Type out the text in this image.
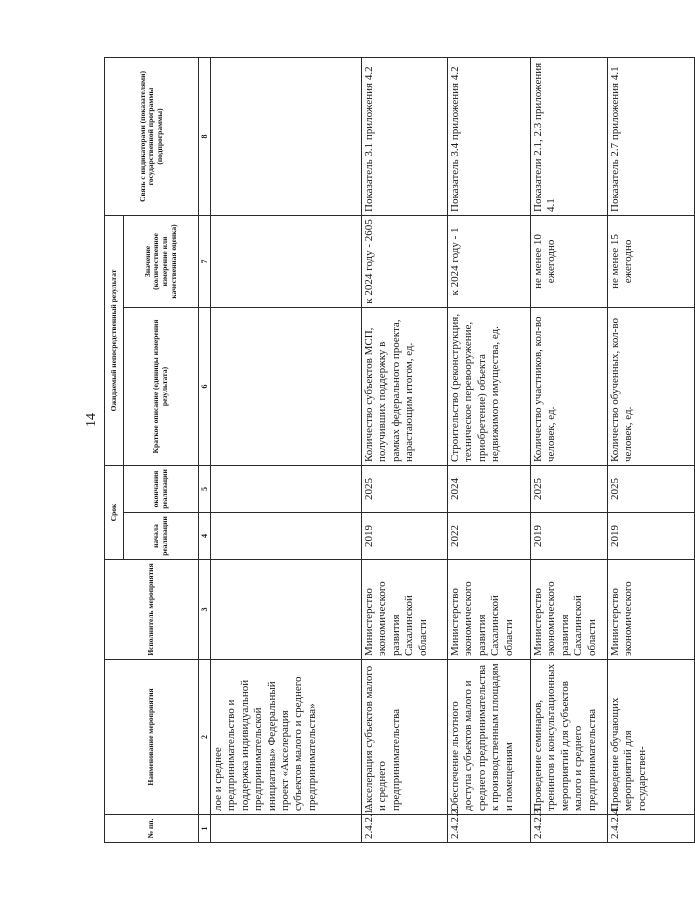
14
№ пп.	Наименование мероприятия	Исполнитель мероприятия	Срок		Ожидаемый непосредственный результат		Связь с индикаторами (показателями) государственной программы (подпрограммы)
			начала реализации	окончания реализации	Краткое описание (единицы измерения результата)	Значение (количественное измерение или качественная оценка)	
1	2	3	4	5	6	7	8
	лое и среднее предпринимательство и поддержка индивидуальной предпринимательской инициативы» Федеральный проект «Акселерация субъектов малого и среднего предпринимательства»						
2.4.2.1.	Акселерация субъектов малого и среднего предпринимательства	Министерство экономического развития Сахалинской области	2019	2025	Количество субъектов МСП, получивших поддержку в рамках федерального проекта, нарастающим итогом, ед.	к 2024 году - 2605	Показатель 3.1 приложения 4.2
2.4.2.2.	Обеспечение льготного доступа субъектов малого и среднего предпринимательства к производственным площадям и помещениям	Министерство экономического развития Сахалинской области	2022	2024	Строительство (реконструкция, техническое перевооружение, приобретение) объекта недвижимого имущества, ед.	к 2024 году - 1	Показатель 3.4 приложения 4.2
2.4.2.3.	Проведение семинаров, тренингов и консультационных мероприятий для субъектов малого и среднего предпринимательства	Министерство экономического развития Сахалинской области	2019	2025	Количество участников, кол-во человек, ед.	не менее 10 ежегодно	Показатели 2.1, 2.3 приложения 4.1
2.4.2.4.	Проведение обучающих мероприятий для государствен-	Министерство экономического	2019	2025	Количество обученных, кол-во человек, ед.	не менее 15 ежегодно	Показатель 2.7 приложения 4.1
